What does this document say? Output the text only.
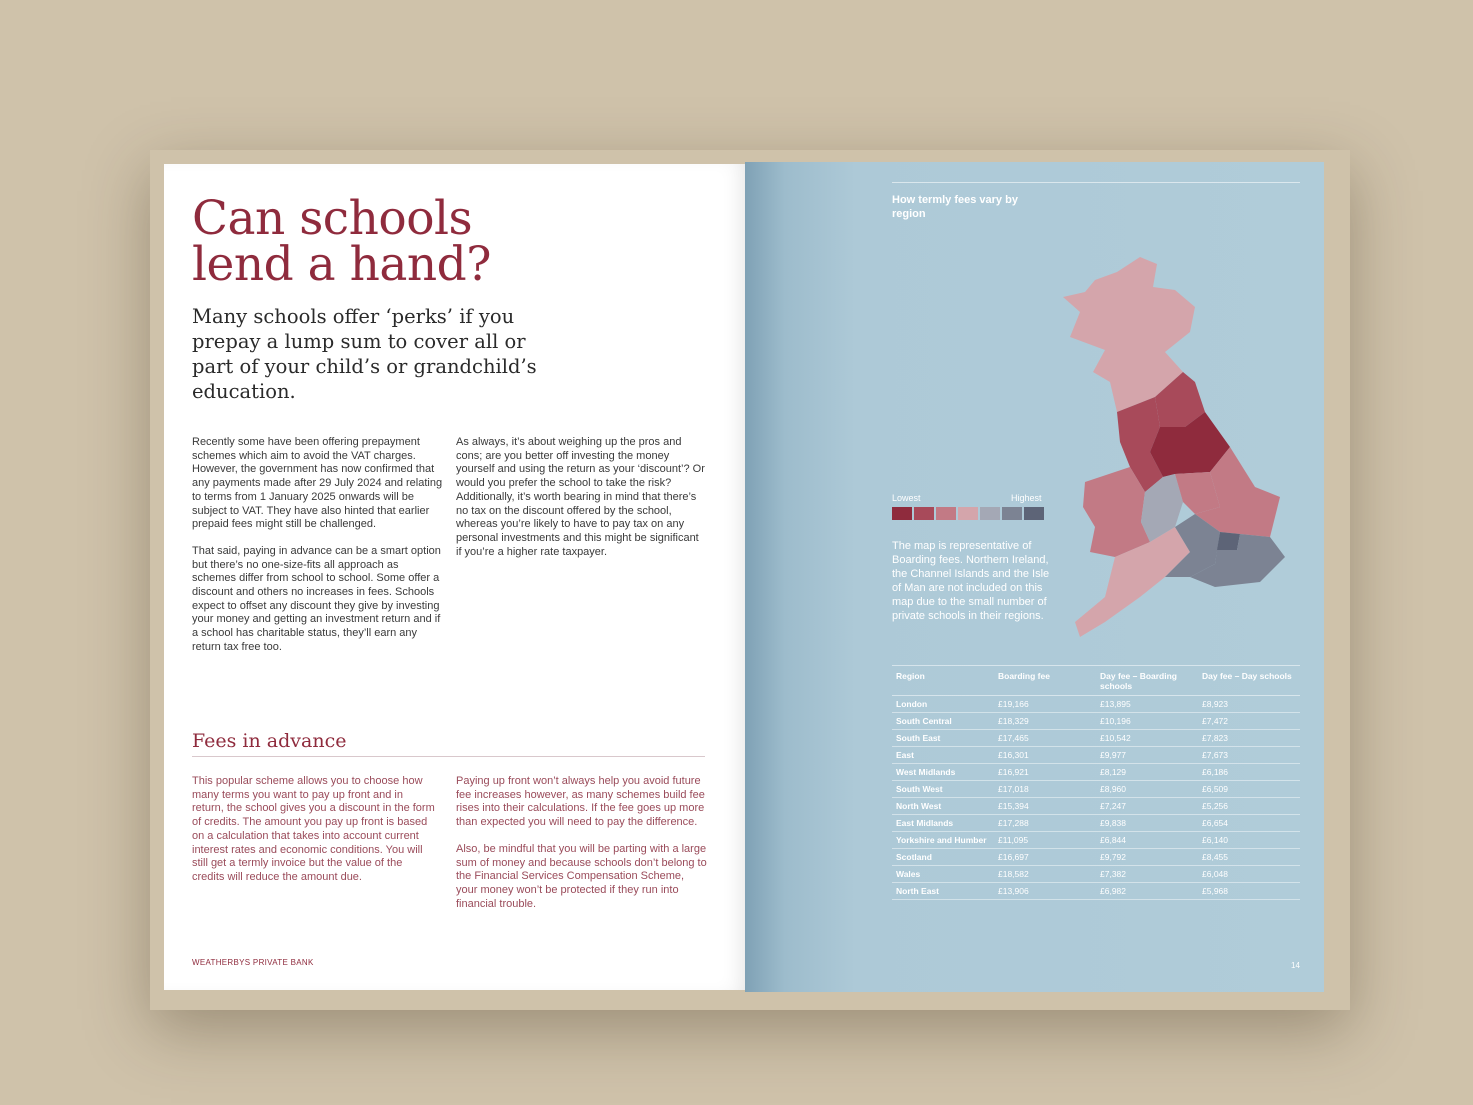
Can schools
lend a hand?
Many schools offer ‘perks’ if you prepay a lump sum to cover all or part of your child’s or grandchild’s education.

Recently some have been offering prepayment schemes which aim to avoid the VAT charges. However, the government has now confirmed that any payments made after 29 July 2024 and relating to terms from 1 January 2025 onwards will be subject to VAT. They have also hinted that earlier prepaid fees might still be challenged.

That said, paying in advance can be a smart option but there’s no one-size-fits all approach as schemes differ from school to school. Some offer a discount and others no increases in fees. Schools expect to offset any discount they give by investing your money and getting an investment return and if a school has charitable status, they’ll earn any return tax free too.

As always, it’s about weighing up the pros and cons; are you better off investing the money yourself and using the return as your ‘discount’? Or would you prefer the school to take the risk? Additionally, it’s worth bearing in mind that there’s no tax on the discount offered by the school, whereas you’re likely to have to pay tax on any personal investments and this might be significant if you’re a higher rate taxpayer.

Fees in advance

This popular scheme allows you to choose how many terms you want to pay up front and in return, the school gives you a discount in the form of credits. The amount you pay up front is based on a calculation that takes into account current interest rates and economic conditions. You will still get a termly invoice but the value of the credits will reduce the amount due.

Paying up front won’t always help you avoid future fee increases however, as many schemes build fee rises into their calculations. If the fee goes up more than expected you will need to pay the difference.

Also, be mindful that you will be parting with a large sum of money and because schools don’t belong to the Financial Services Compensation Scheme, your money won’t be protected if they run into financial trouble.

WEATHERBYS PRIVATE BANK
How termly fees vary by region
Lowest	Highest
The map is representative of Boarding fees. Northern Ireland, the Channel Islands and the Isle of Man are not included on this map due to the small number of private schools in their regions.
Region	Boarding fee	Day fee – Boarding schools	Day fee – Day schools
London	£19,166	£13,895	£8,923
South Central	£18,329	£10,196	£7,472
South East	£17,465	£10,542	£7,823
East	£16,301	£9,977	£7,673
West Midlands	£16,921	£8,129	£6,186
South West	£17,018	£8,960	£6,509
North West	£15,394	£7,247	£5,256
East Midlands	£17,288	£9,838	£6,654
Yorkshire and Humber	£11,095	£6,844	£6,140
Scotland	£16,697	£9,792	£8,455
Wales	£18,582	£7,382	£6,048
North East	£13,906	£6,982	£5,968
14
